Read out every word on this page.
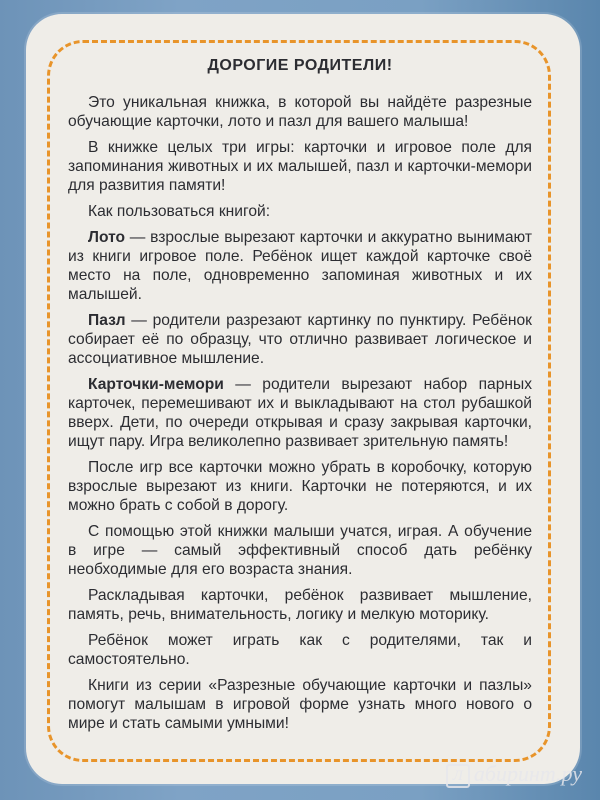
ДОРОГИЕ РОДИТЕЛИ!

Это уникальная книжка, в которой вы найдёте разрезные обучающие карточки, лото и пазл для вашего малыша!

В книжке целых три игры: карточки и игровое поле для запоминания животных и их малышей, пазл и карточки-мемори для развития памяти!

Как пользоваться книгой:

Лото — взрослые вырезают карточки и аккуратно вынимают из книги игровое поле. Ребёнок ищет каждой карточке своё место на поле, одновременно запоминая животных и их малышей.

Пазл — родители разрезают картинку по пунктиру. Ребёнок собирает её по образцу, что отлично развивает логическое и ассоциативное мышление.

Карточки-мемори — родители вырезают набор парных карточек, перемешивают их и выкладывают на стол рубашкой вверх. Дети, по очереди открывая и сразу закрывая карточки, ищут пару. Игра великолепно развивает зрительную память!

После игр все карточки можно убрать в коробочку, которую взрослые вырезают из книги. Карточки не потеряются, и их можно брать с собой в дорогу.

С помощью этой книжки малыши учатся, играя. А обучение в игре — самый эффективный способ дать ребёнку необходимые для его возраста знания.

Раскладывая карточки, ребёнок развивает мышление, память, речь, внимательность, логику и мелкую моторику.

Ребёнок может играть как с родителями, так и самостоятельно.

Книги из серии «Разрезные обучающие карточки и пазлы» помогут малышам в игровой форме узнать много нового о мире и стать самыми умными!

Л абиринт.ру
